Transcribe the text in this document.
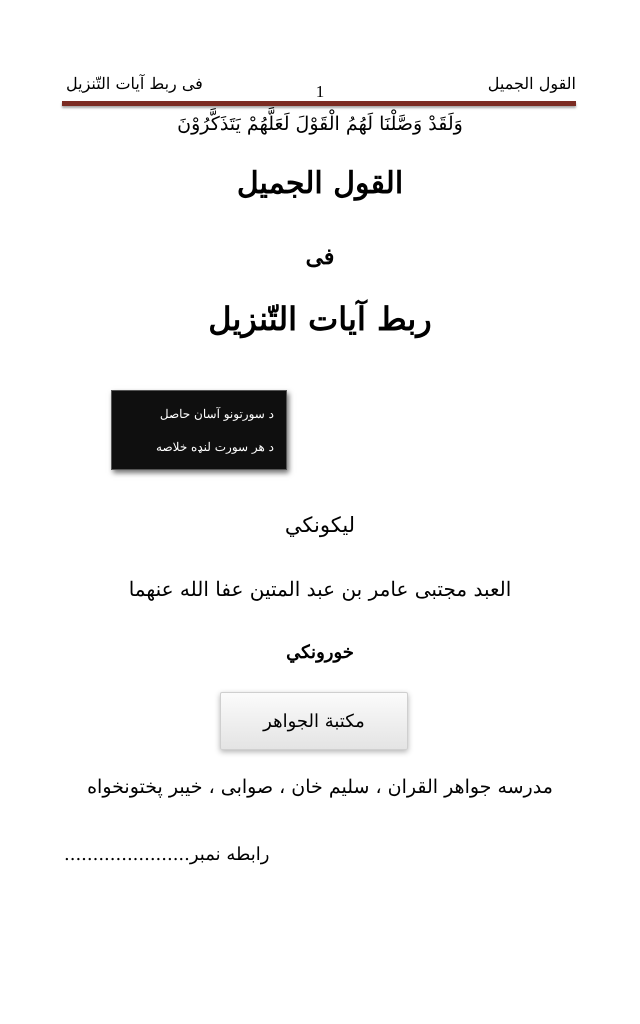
القول الجميل
فی ربط آیات التّنزیل	1
وَلَقَدْ وَصَّلْنَا لَهُمُ الْقَوْلَ لَعَلَّهُمْ يَتَذَكَّرُوْنَ
القول الجمیل
فی
ربط آیات التّنزیل
د سورتونو آسان حاصل
د هر سورت لنډه خلاصه
لیکونکي
العبد مجتبى عامر بن عبد المتين عفا الله عنهما
خورونکي
مكتبة الجواهر
مدرسه جواهر القران ، سليم خان ، صوابی ، خيبر پختونخواه
رابطه نمبر......................
